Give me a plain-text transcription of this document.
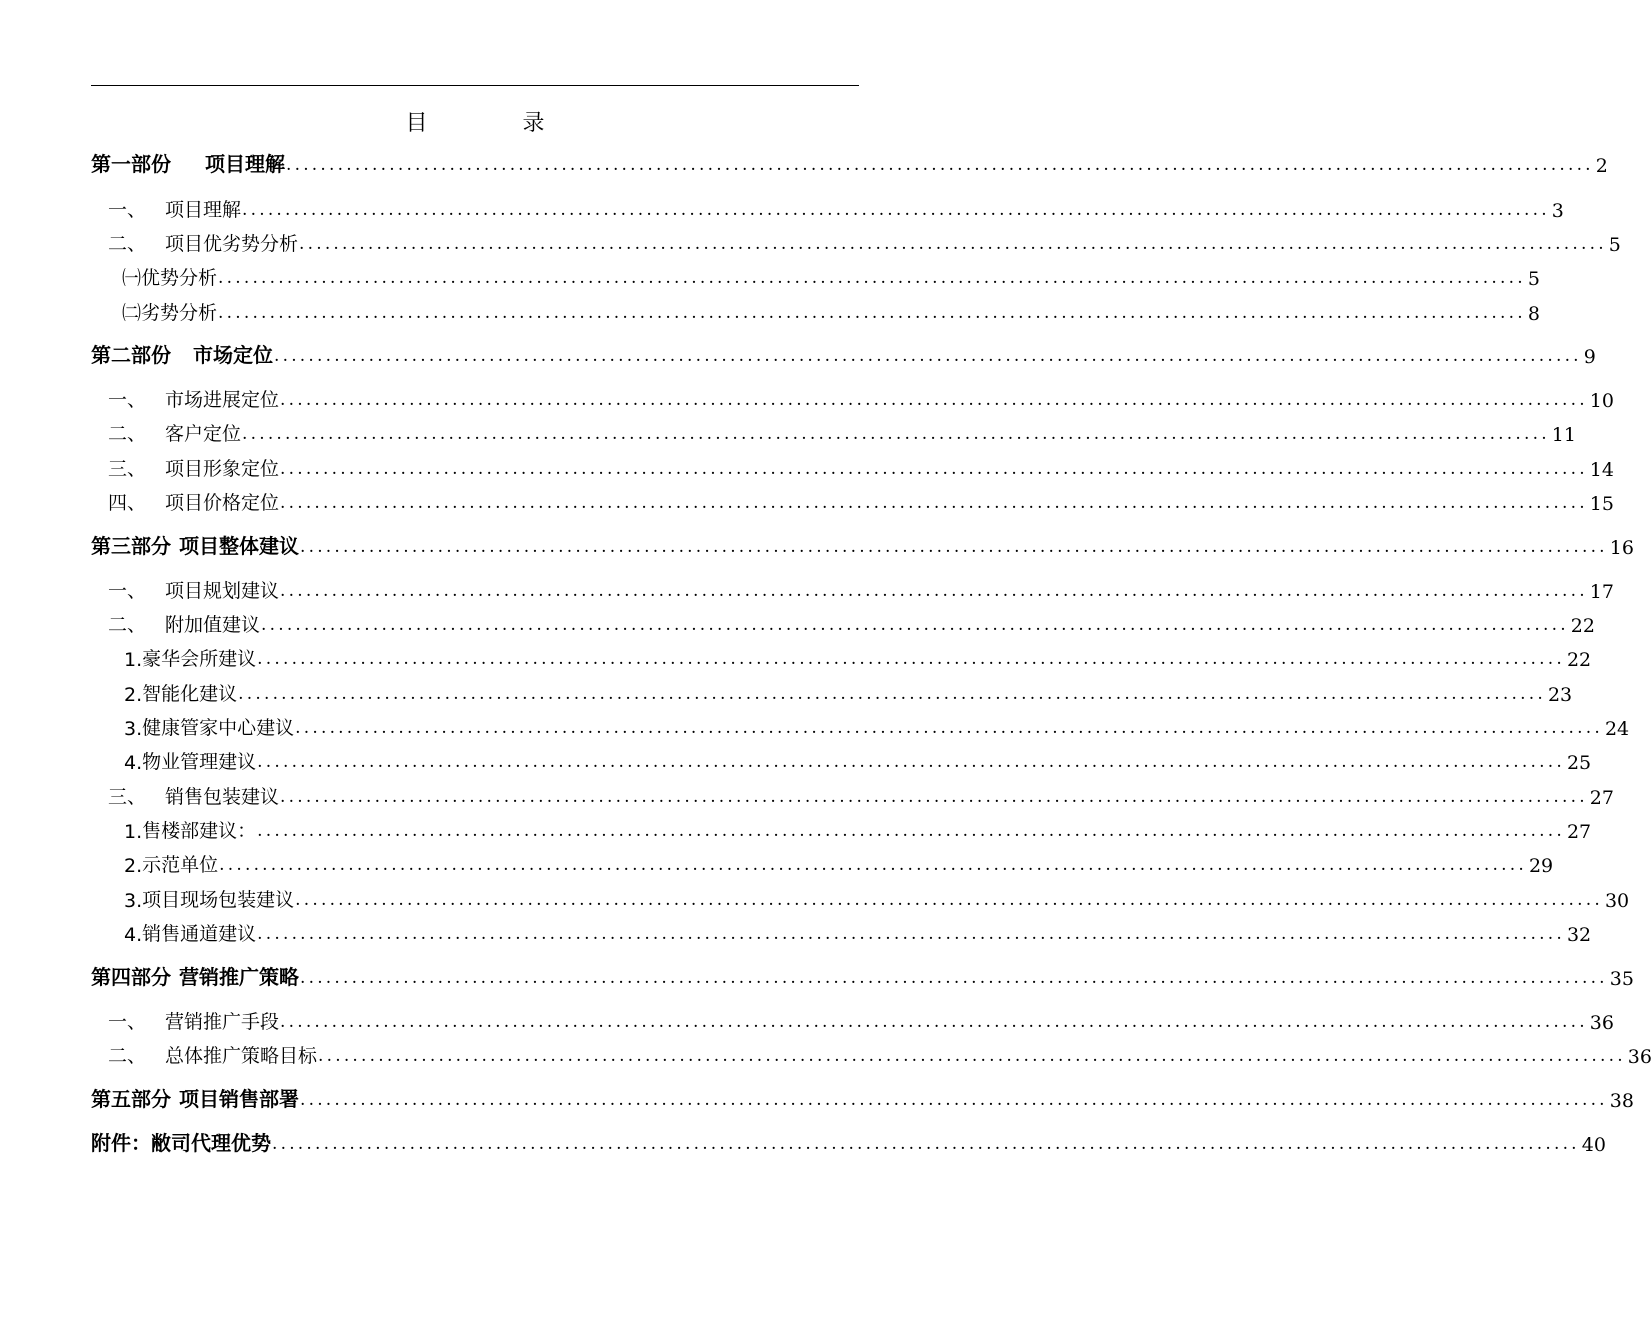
目 录
第一部份 项目理解 ........................................................................................................................................................ 2
一、 项目理解 ........................................................................................................................................................ 3
二、 项目优劣势分析 ........................................................................................................................................................ 5
㈠ 优势分析 ........................................................................................................................................................ 5
㈡ 劣势分析 ........................................................................................................................................................ 8
第二部份 市场定位 ........................................................................................................................................................ 9
一、 市场进展定位 ........................................................................................................................................................ 10
二、 客户定位 ........................................................................................................................................................ 11
三、 项目形象定位 ........................................................................................................................................................ 14
四、 项目价格定位 ........................................................................................................................................................ 15
第三部分 项目整体建议 ........................................................................................................................................................ 16
一、 项目规划建议 ........................................................................................................................................................ 17
二、 附加值建议 ........................................................................................................................................................ 22
1. 豪华会所建议 ........................................................................................................................................................ 22
2. 智能化建议 ........................................................................................................................................................ 23
3. 健康管家中心建议 ........................................................................................................................................................ 24
4. 物业管理建议 ........................................................................................................................................................ 25
三、 销售包装建议 ........................................................................................................................................................ 27
1. 售楼部建议： ........................................................................................................................................................ 27
2. 示范单位 ........................................................................................................................................................ 29
3. 项目现场包装建议 ........................................................................................................................................................ 30
4. 销售通道建议 ........................................................................................................................................................ 32
第四部分 营销推广策略 ........................................................................................................................................................ 35
一、 营销推广手段 ........................................................................................................................................................ 36
二、 总体推广策略目标 ........................................................................................................................................................ 36
第五部分 项目销售部署 ........................................................................................................................................................ 38
附件： 敝司代理优势 ........................................................................................................................................................ 40
